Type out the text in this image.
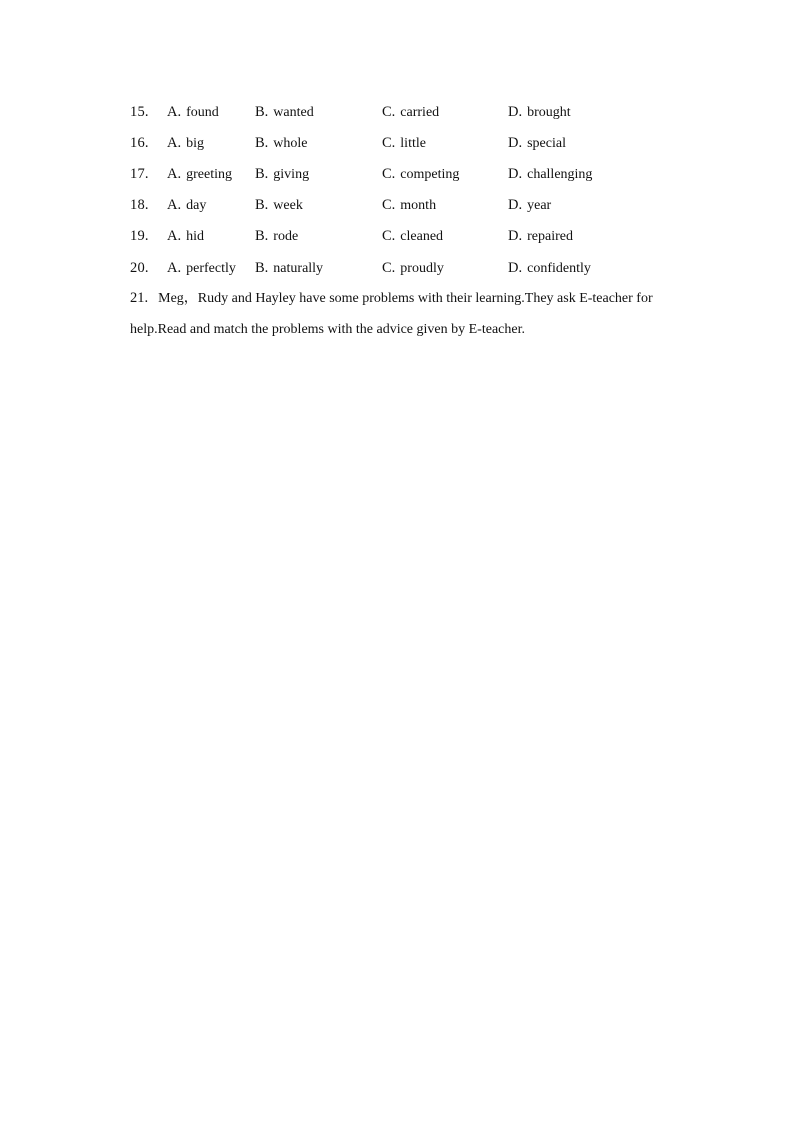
15. A. found B. wanted	C. carried	D. brought
16. A. big	B. whole	C. little	D. special
17. A. greeting B. giving	C. competing	D. challenging
18. A. day	B. week	C. month	D. year
19. A. hid	B. rode	C. cleaned	D. repaired
20. A. perfectly B. naturally	C. proudly	D. confidently
21. Meg，Rudy and Hayley have some problems with their learning.They ask E-teacher for
help.Read and match the problems with the advice given by E-teacher.
